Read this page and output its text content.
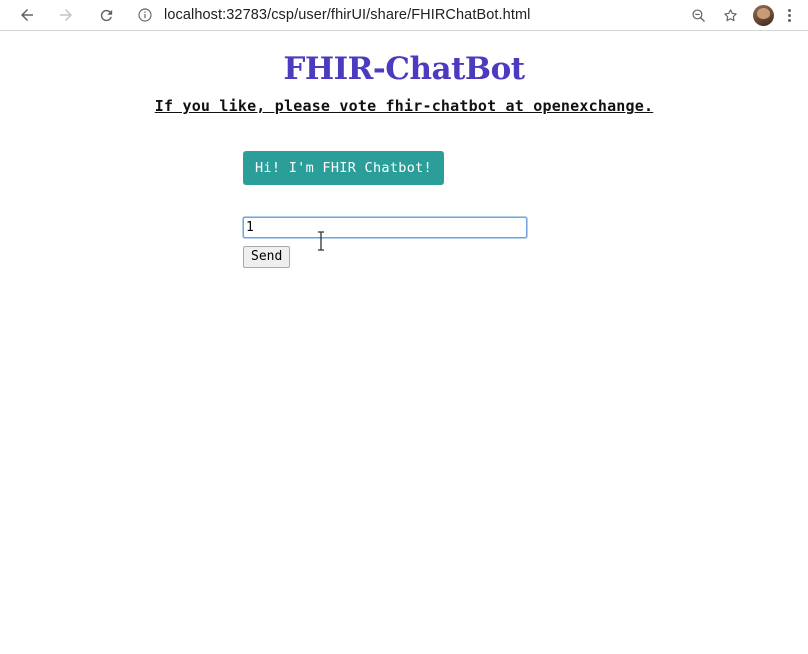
localhost:32783/csp/user/fhirUI/share/FHIRChatBot.html
FHIR-ChatBot

If you like, please vote fhir-chatbot at openexchange.

Hi! I'm FHIR Chatbot!
1
Send
